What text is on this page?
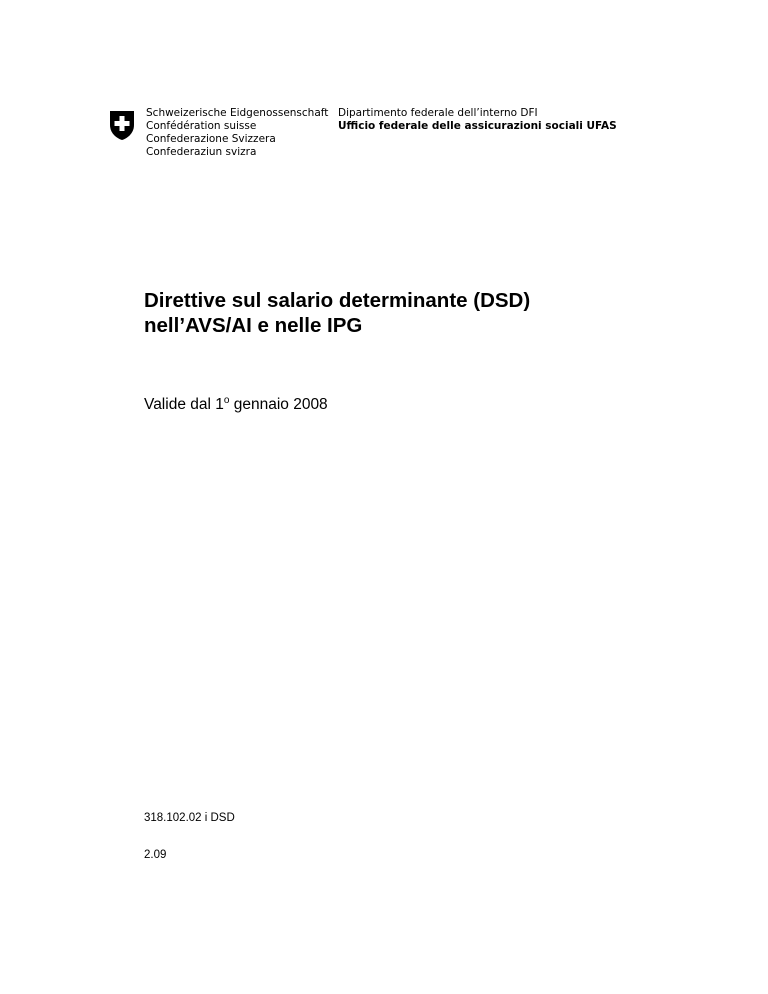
Schweizerische Eidgenossenschaft
Confédération suisse
Confederazione Svizzera
Confederaziun svizra
Dipartimento federale dell’interno DFI
Ufficio federale delle assicurazioni sociali UFAS
Direttive sul salario determinante (DSD)
nell’AVS/AI e nelle IPG
Valide dal 1$^o$ gennaio 2008
318.102.02 i DSD
2.09
